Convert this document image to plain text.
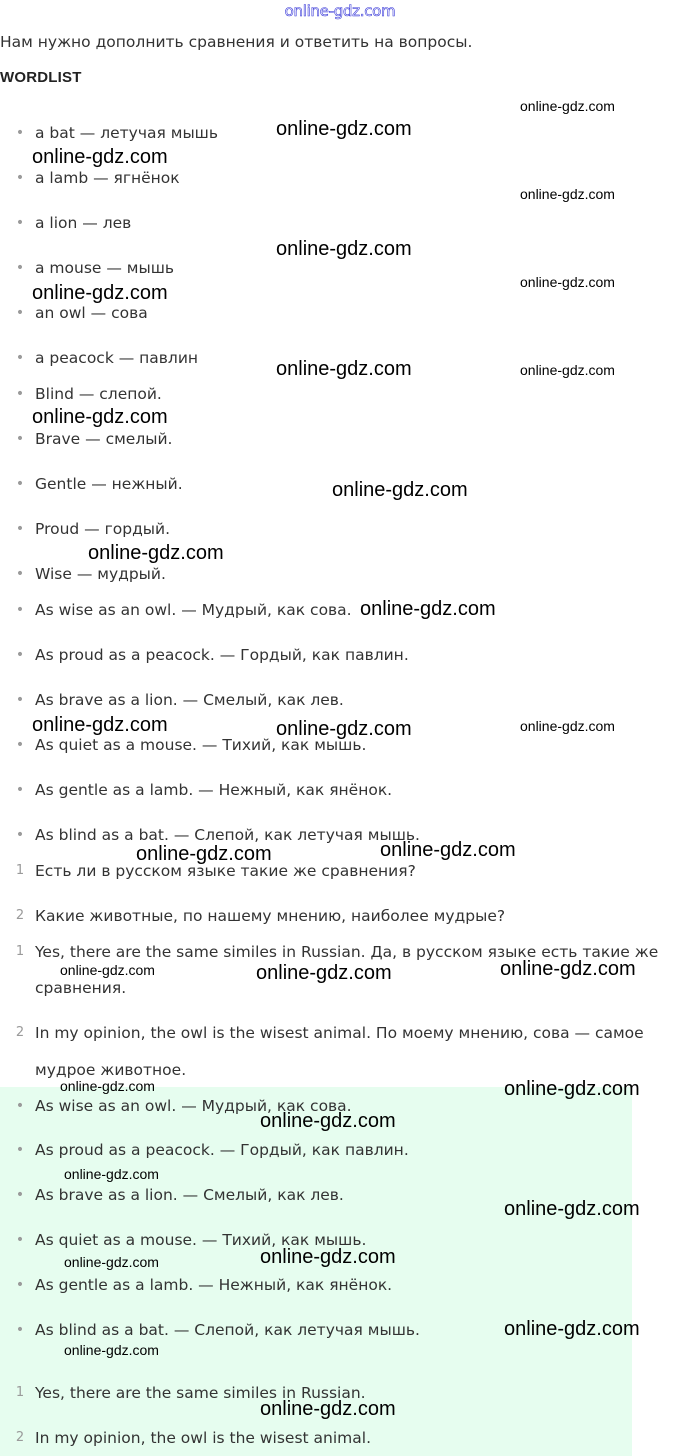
online-gdz.com
Нам нужно дополнить сравнения и ответить на вопросы.
WORDLIST
• a bat — летучая мышь
• a lamb — ягнёнок
• a lion — лев
• a mouse — мышь
• an owl — сова
• a peacock — павлин
• Blind — слепой.
• Brave — смелый.
• Gentle — нежный.
• Proud — гордый.
• Wise — мудрый.
• As wise as an owl. — Мудрый, как сова.
• As proud as a peacock. — Гордый, как павлин.
• As brave as a lion. — Смелый, как лев.
• As quiet as a mouse. — Тихий, как мышь.
• As gentle as a lamb. — Нежный, как янёнок.
• As blind as a bat. — Слепой, как летучая мышь.
1 Есть ли в русском языке такие же сравнения?
2 Какие животные, по нашему мнению, наиболее мудрые?
1 Yes, there are the same similes in Russian. Да, в русском языке есть такие же сравнения.
2 In my opinion, the owl is the wisest animal. По моему мнению, сова — самое мудрое животное.
• As wise as an owl. — Мудрый, как сова.
• As proud as a peacock. — Гордый, как павлин.
• As brave as a lion. — Смелый, как лев.
• As quiet as a mouse. — Тихий, как мышь.
• As gentle as a lamb. — Нежный, как янёнок.
• As blind as a bat. — Слепой, как летучая мышь.
1 Yes, there are the same similes in Russian.
2 In my opinion, the owl is the wisest animal.
online-gdz.com
online-gdz.com
online-gdz.com
online-gdz.com
online-gdz.com
online-gdz.com	online-gdz.com
online-gdz.com	online-gdz.com
online-gdz.com
online-gdz.com
online-gdz.com
online-gdz.com
online-gdz.com	online-gdz.com	online-gdz.com
online-gdz.com	online-gdz.com
online-gdz.com	online-gdz.com	online-gdz.com
online-gdz.com	online-gdz.com
online-gdz.com
online-gdz.com
online-gdz.com
online-gdz.com
online-gdz.com
online-gdz.com
online-gdz.com
online-gdz.com
